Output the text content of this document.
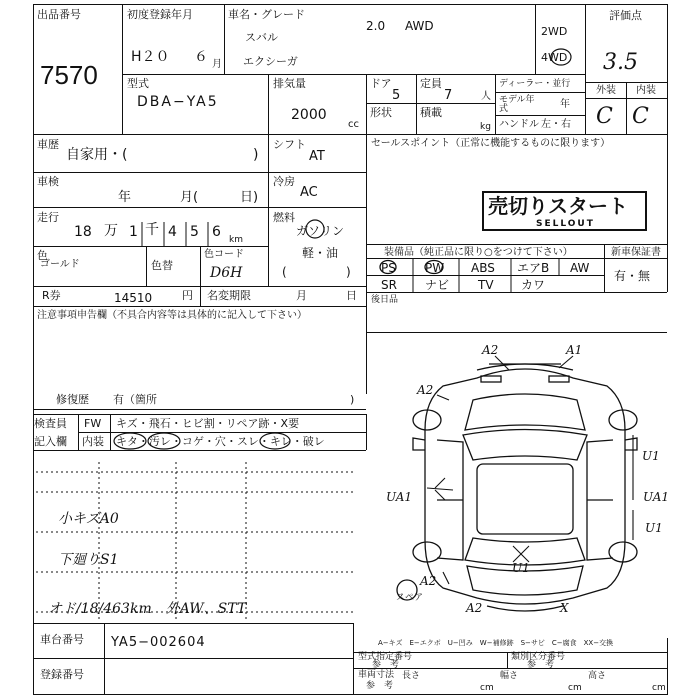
出品番号
7570
初度登録年月
H２０ ６ 月
車名・グレード
2.0 AWD
スバル
エクシーガ
2WD
4WD
評価点
3.5
外装 内装
C C
型式
DBA−YA5
排気量
2000
cc
ドア
5
定員
7	人
形状	積載
kg
ディーラー・並行
モデル年式	年
ハンドル 左・右
車歴
自家用・(	)
シフト
AT
車検
年	月(	日)
冷房
AC
走行
18 万 1 千 4 5 6 km
燃料
ガソリン
軽・油
(	)
色
ゴールド	色替
色コード
D6H
R券	14510	円 名変期限	月	日
注意事項申告欄（不具合内容等は具体的に記入して下さい）
修復歴 有（箇所	)
セールスポイント（正常に機能するものに限ります）
売切りスタート
SELLOUT
装備品（純正品に限り○をつけて下さい）	新車保証書
有・無
PS PW ABS エアB AW
SR ナビ TV カワ
後日品
検査員
記入欄
FW キズ・飛石・ヒビ割・リペア跡・X要
内装 キタ・汚レ・コゲ・穴・スレ・キレ・破レ
小キズA0
下廻りS1
オド/18/463km　外AW、STT
A2	A1
A2
U1
UA1	UA1
U1
A2
U1
A2	X
スペア
A−キズ　E−エクボ　U−凹み　W−補修跡　S−サビ　C−腐食　XX−交換
車台番号 YA5−002604
登録番号
型式指定番号
参　考
類別区分番号
参　考
車両寸法
参　考
長さ
cm
幅さ
cm
高さ
cm
